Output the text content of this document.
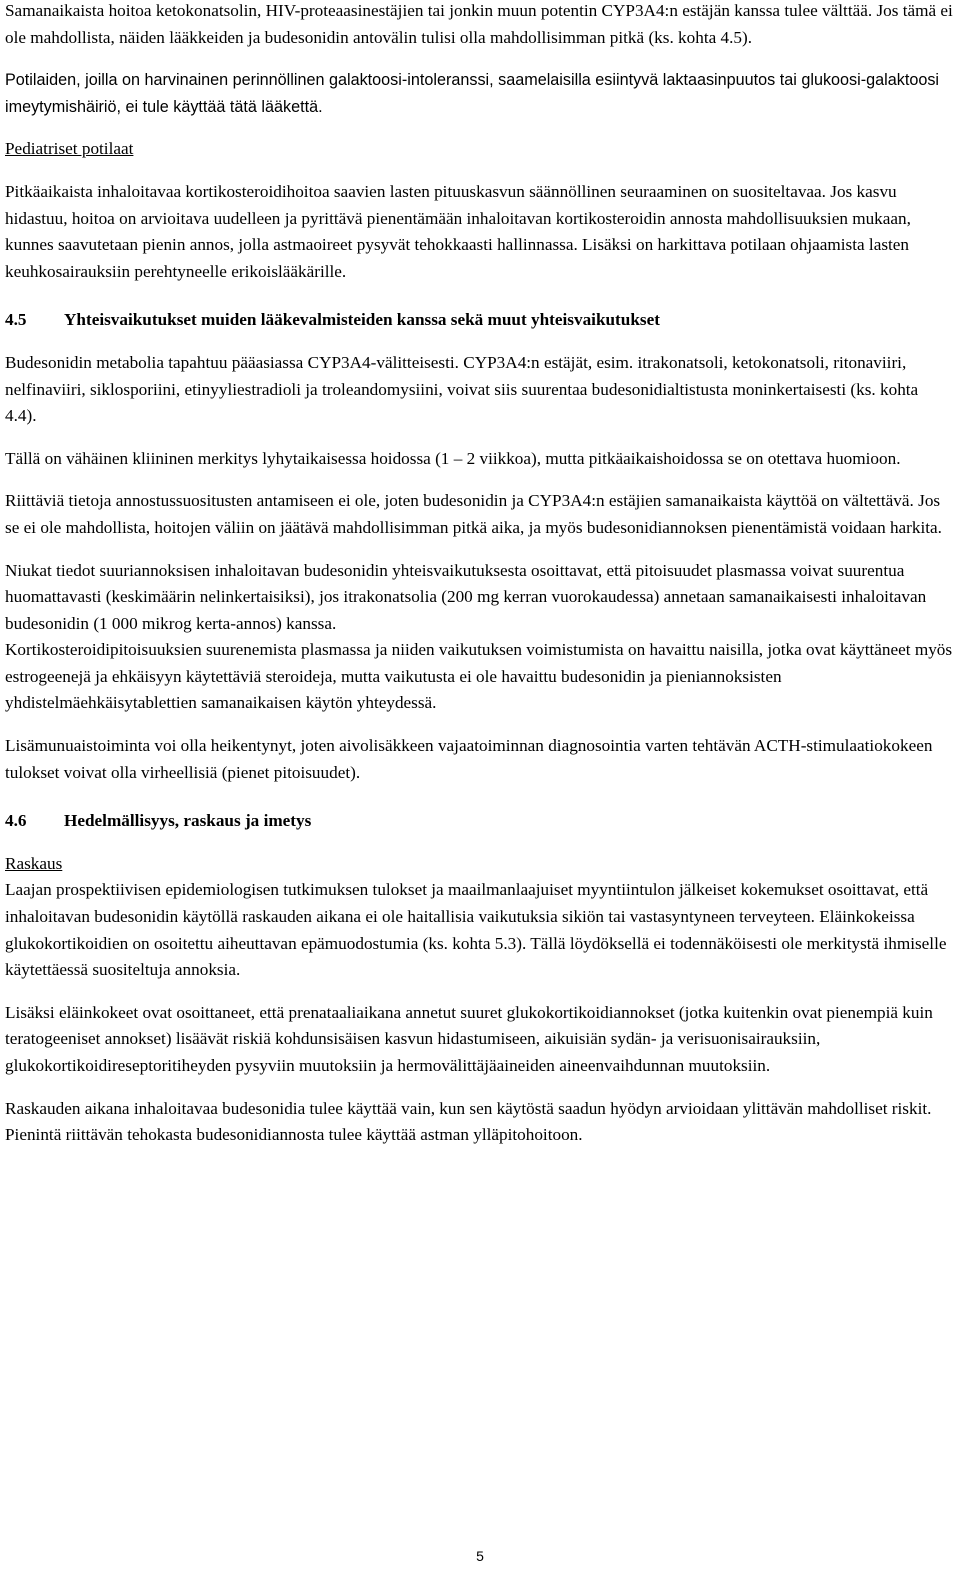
Samanaikaista hoitoa ketokonatsolin, HIV-proteaasinestäjien tai jonkin muun potentin CYP3A4:n estäjän kanssa tulee välttää. Jos tämä ei ole mahdollista, näiden lääkkeiden ja budesonidin antovälin tulisi olla mahdollisimman pitkä (ks. kohta 4.5).

Potilaiden, joilla on harvinainen perinnöllinen galaktoosi-intoleranssi, saamelaisilla esiintyvä laktaasinpuutos tai glukoosi-galaktoosi imeytymishäiriö, ei tule käyttää tätä lääkettä.

Pediatriset potilaat

Pitkäaikaista inhaloitavaa kortikosteroidihoitoa saavien lasten pituuskasvun säännöllinen seuraaminen on suositeltavaa. Jos kasvu hidastuu, hoitoa on arvioitava uudelleen ja pyrittävä pienentämään inhaloitavan kortikosteroidin annosta mahdollisuuksien mukaan, kunnes saavutetaan pienin annos, jolla astmaoireet pysyvät tehokkaasti hallinnassa. Lisäksi on harkittava potilaan ohjaamista lasten keuhkosairauksiin perehtyneelle erikoislääkärille.

4.5	Yhteisvaikutukset muiden lääkevalmisteiden kanssa sekä muut yhteisvaikutukset

Budesonidin metabolia tapahtuu pääasiassa CYP3A4-välitteisesti. CYP3A4:n estäjät, esim. itrakonatsoli, ketokonatsoli, ritonaviiri, nelfinaviiri, siklosporiini, etinyyliestradioli ja troleandomysiini, voivat siis suurentaa budesonidialtistusta moninkertaisesti (ks. kohta 4.4).

Tällä on vähäinen kliininen merkitys lyhytaikaisessa hoidossa (1 – 2 viikkoa), mutta pitkäaikaishoidossa se on otettava huomioon.

Riittäviä tietoja annostussuositusten antamiseen ei ole, joten budesonidin ja CYP3A4:n estäjien samanaikaista käyttöä on vältettävä. Jos se ei ole mahdollista, hoitojen väliin on jäätävä mahdollisimman pitkä aika, ja myös budesonidiannoksen pienentämistä voidaan harkita.

Niukat tiedot suuriannoksisen inhaloitavan budesonidin yhteisvaikutuksesta osoittavat, että pitoisuudet plasmassa voivat suurentua huomattavasti (keskimäärin nelinkertaisiksi), jos itrakonatsolia (200 mg kerran vuorokaudessa) annetaan samanaikaisesti inhaloitavan budesonidin (1 000 mikrog kerta-annos) kanssa.

Kortikosteroidipitoisuuksien suurenemista plasmassa ja niiden vaikutuksen voimistumista on havaittu naisilla, jotka ovat käyttäneet myös estrogeenejä ja ehkäisyyn käytettäviä steroideja, mutta vaikutusta ei ole havaittu budesonidin ja pieniannoksisten yhdistelmäehkäisytablettien samanaikaisen käytön yhteydessä.

Lisämunuaistoiminta voi olla heikentynyt, joten aivolisäkkeen vajaatoiminnan diagnosointia varten tehtävän ACTH-stimulaatiokokeen tulokset voivat olla virheellisiä (pienet pitoisuudet).

4.6	Hedelmällisyys, raskaus ja imetys

Raskaus

Laajan prospektiivisen epidemiologisen tutkimuksen tulokset ja maailmanlaajuiset myyntiintulon jälkeiset kokemukset osoittavat, että inhaloitavan budesonidin käytöllä raskauden aikana ei ole haitallisia vaikutuksia sikiön tai vastasyntyneen terveyteen. Eläinkokeissa glukokortikoidien on osoitettu aiheuttavan epämuodostumia (ks. kohta 5.3). Tällä löydöksellä ei todennäköisesti ole merkitystä ihmiselle käytettäessä suositeltuja annoksia.

Lisäksi eläinkokeet ovat osoittaneet, että prenataaliaikana annetut suuret glukokortikoidiannokset (jotka kuitenkin ovat pienempiä kuin teratogeeniset annokset) lisäävät riskiä kohdunsisäisen kasvun hidastumiseen, aikuisiän sydän- ja verisuonisairauksiin, glukokortikoidireseptoritiheyden pysyviin muutoksiin ja hermovälittäjäaineiden aineenvaihdunnan muutoksiin.

Raskauden aikana inhaloitavaa budesonidia tulee käyttää vain, kun sen käytöstä saadun hyödyn arvioidaan ylittävän mahdolliset riskit. Pienintä riittävän tehokasta budesonidiannosta tulee käyttää astman ylläpitohoitoon.

5
